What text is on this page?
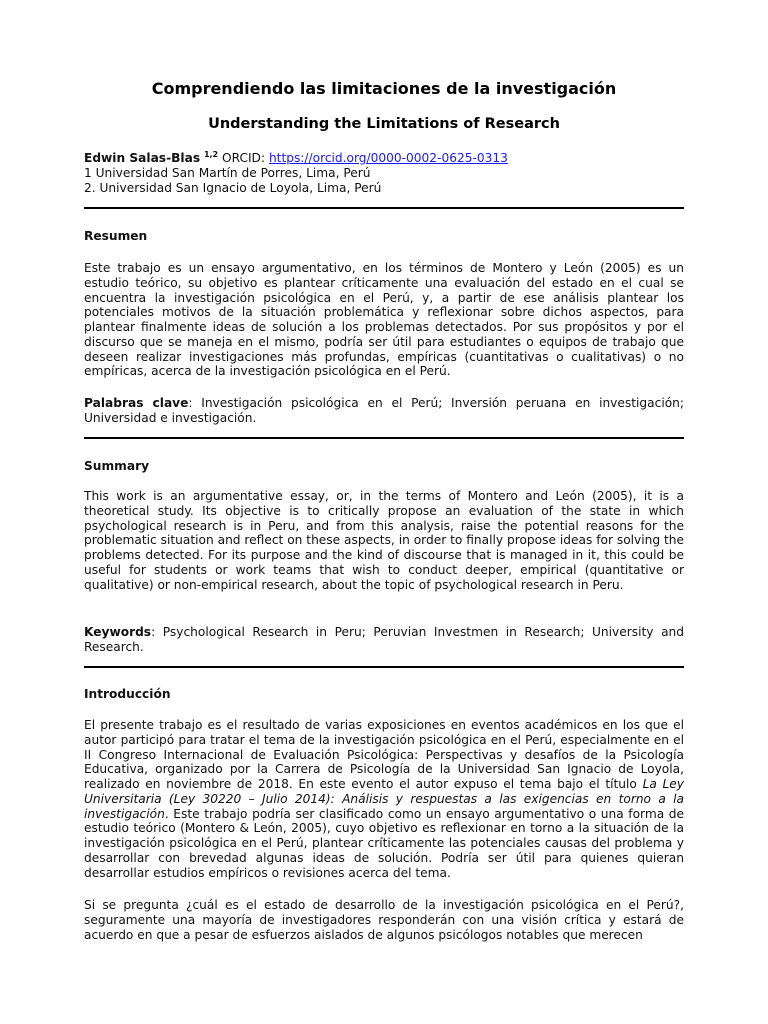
Comprendiendo las limitaciones de la investigación
Understanding the Limitations of Research
Edwin Salas-Blas $^{1,2}$ ORCID: https://orcid.org/0000-0002-0625-0313
1 Universidad San Martín de Porres, Lima, Perú
2. Universidad San Ignacio de Loyola, Lima, Perú
Resumen

Este trabajo es un ensayo argumentativo, en los términos de Montero y León (2005) es un estudio teórico, su objetivo es plantear críticamente una evaluación del estado en el cual se encuentra la investigación psicológica en el Perú, y, a partir de ese análisis plantear los potenciales motivos de la situación problemática y reflexionar sobre dichos aspectos, para plantear finalmente ideas de solución a los problemas detectados. Por sus propósitos y por el discurso que se maneja en el mismo, podría ser útil para estudiantes o equipos de trabajo que deseen realizar investigaciones más profundas, empíricas (cuantitativas o cualitativas) o no empíricas, acerca de la investigación psicológica en el Perú.

Palabras clave: Investigación psicológica en el Perú; Inversión peruana en investigación; Universidad e investigación.

Summary

This work is an argumentative essay, or, in the terms of Montero and León (2005), it is a theoretical study. Its objective is to critically propose an evaluation of the state in which psychological research is in Peru, and from this analysis, raise the potential reasons for the problematic situation and reflect on these aspects, in order to finally propose ideas for solving the problems detected. For its purpose and the kind of discourse that is managed in it, this could be useful for students or work teams that wish to conduct deeper, empirical (quantitative or qualitative) or non-empirical research, about the topic of psychological research in Peru.

Keywords: Psychological Research in Peru; Peruvian Investmen in Research; University and Research.

Introducción

El presente trabajo es el resultado de varias exposiciones en eventos académicos en los que el autor participó para tratar el tema de la investigación psicológica en el Perú, especialmente en el II Congreso Internacional de Evaluación Psicológica: Perspectivas y desafíos de la Psicología Educativa, organizado por la Carrera de Psicología de la Universidad San Ignacio de Loyola, realizado en noviembre de 2018. En este evento el autor expuso el tema bajo el título La Ley Universitaria (Ley 30220 – Julio 2014): Análisis y respuestas a las exigencias en torno a la investigación. Este trabajo podría ser clasificado como un ensayo argumentativo o una forma de estudio teórico (Montero & León, 2005), cuyo objetivo es reflexionar en torno a la situación de la investigación psicológica en el Perú, plantear críticamente las potenciales causas del problema y desarrollar con brevedad algunas ideas de solución. Podría ser útil para quienes quieran desarrollar estudios empíricos o revisiones acerca del tema.

Si se pregunta ¿cuál es el estado de desarrollo de la investigación psicológica en el Perú?, seguramente una mayoría de investigadores responderán con una visión crítica y estará de acuerdo en que a pesar de esfuerzos aislados de algunos psicólogos notables que merecen
